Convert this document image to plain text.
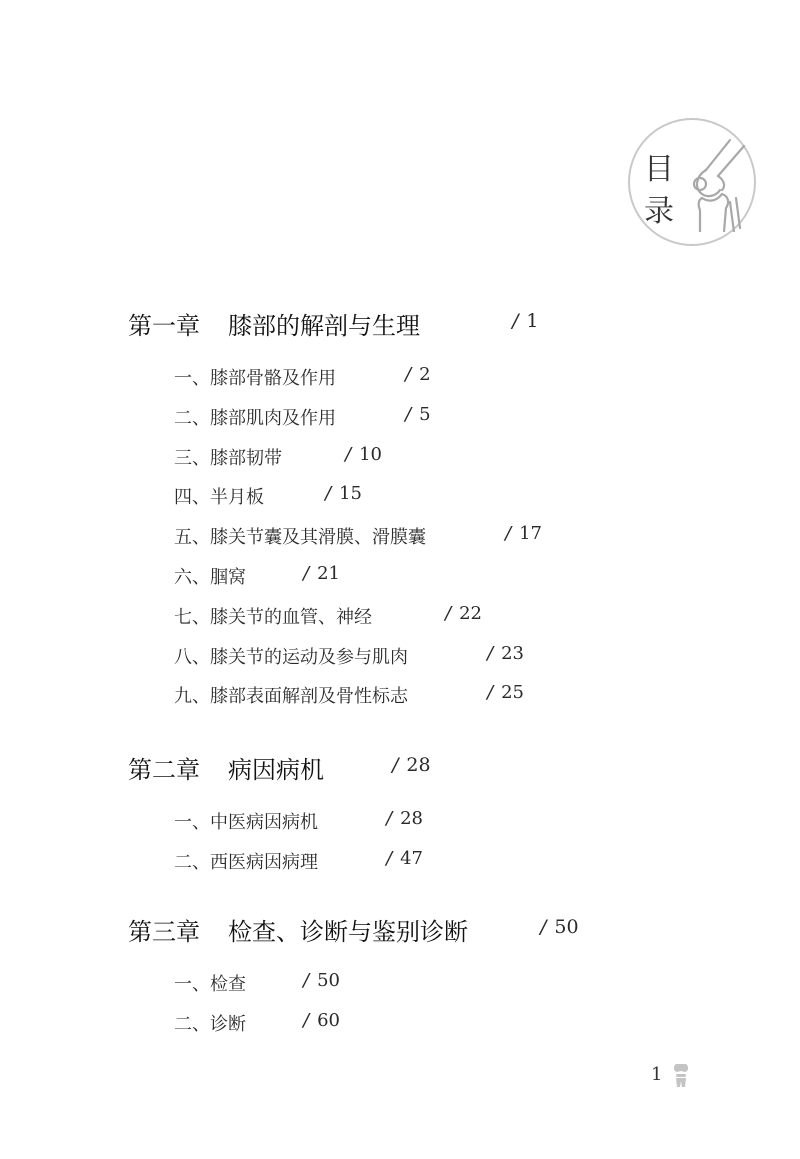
目
录
第一章 膝部的解剖与生理	/ 1
一、膝部骨骼及作用	/ 2
二、膝部肌肉及作用	/ 5
三、膝部韧带	/ 10
四、半月板	/ 15
五、膝关节囊及其滑膜、滑膜囊	/ 17
六、腘窝	/ 21
七、膝关节的血管、神经	/ 22
八、膝关节的运动及参与肌肉	/ 23
九、膝部表面解剖及骨性标志	/ 25
第二章 病因病机	/ 28
一、中医病因病机	/ 28
二、西医病因病理	/ 47
第三章 检查、诊断与鉴别诊断	/ 50
一、检查	/ 50
二、诊断	/ 60
1
